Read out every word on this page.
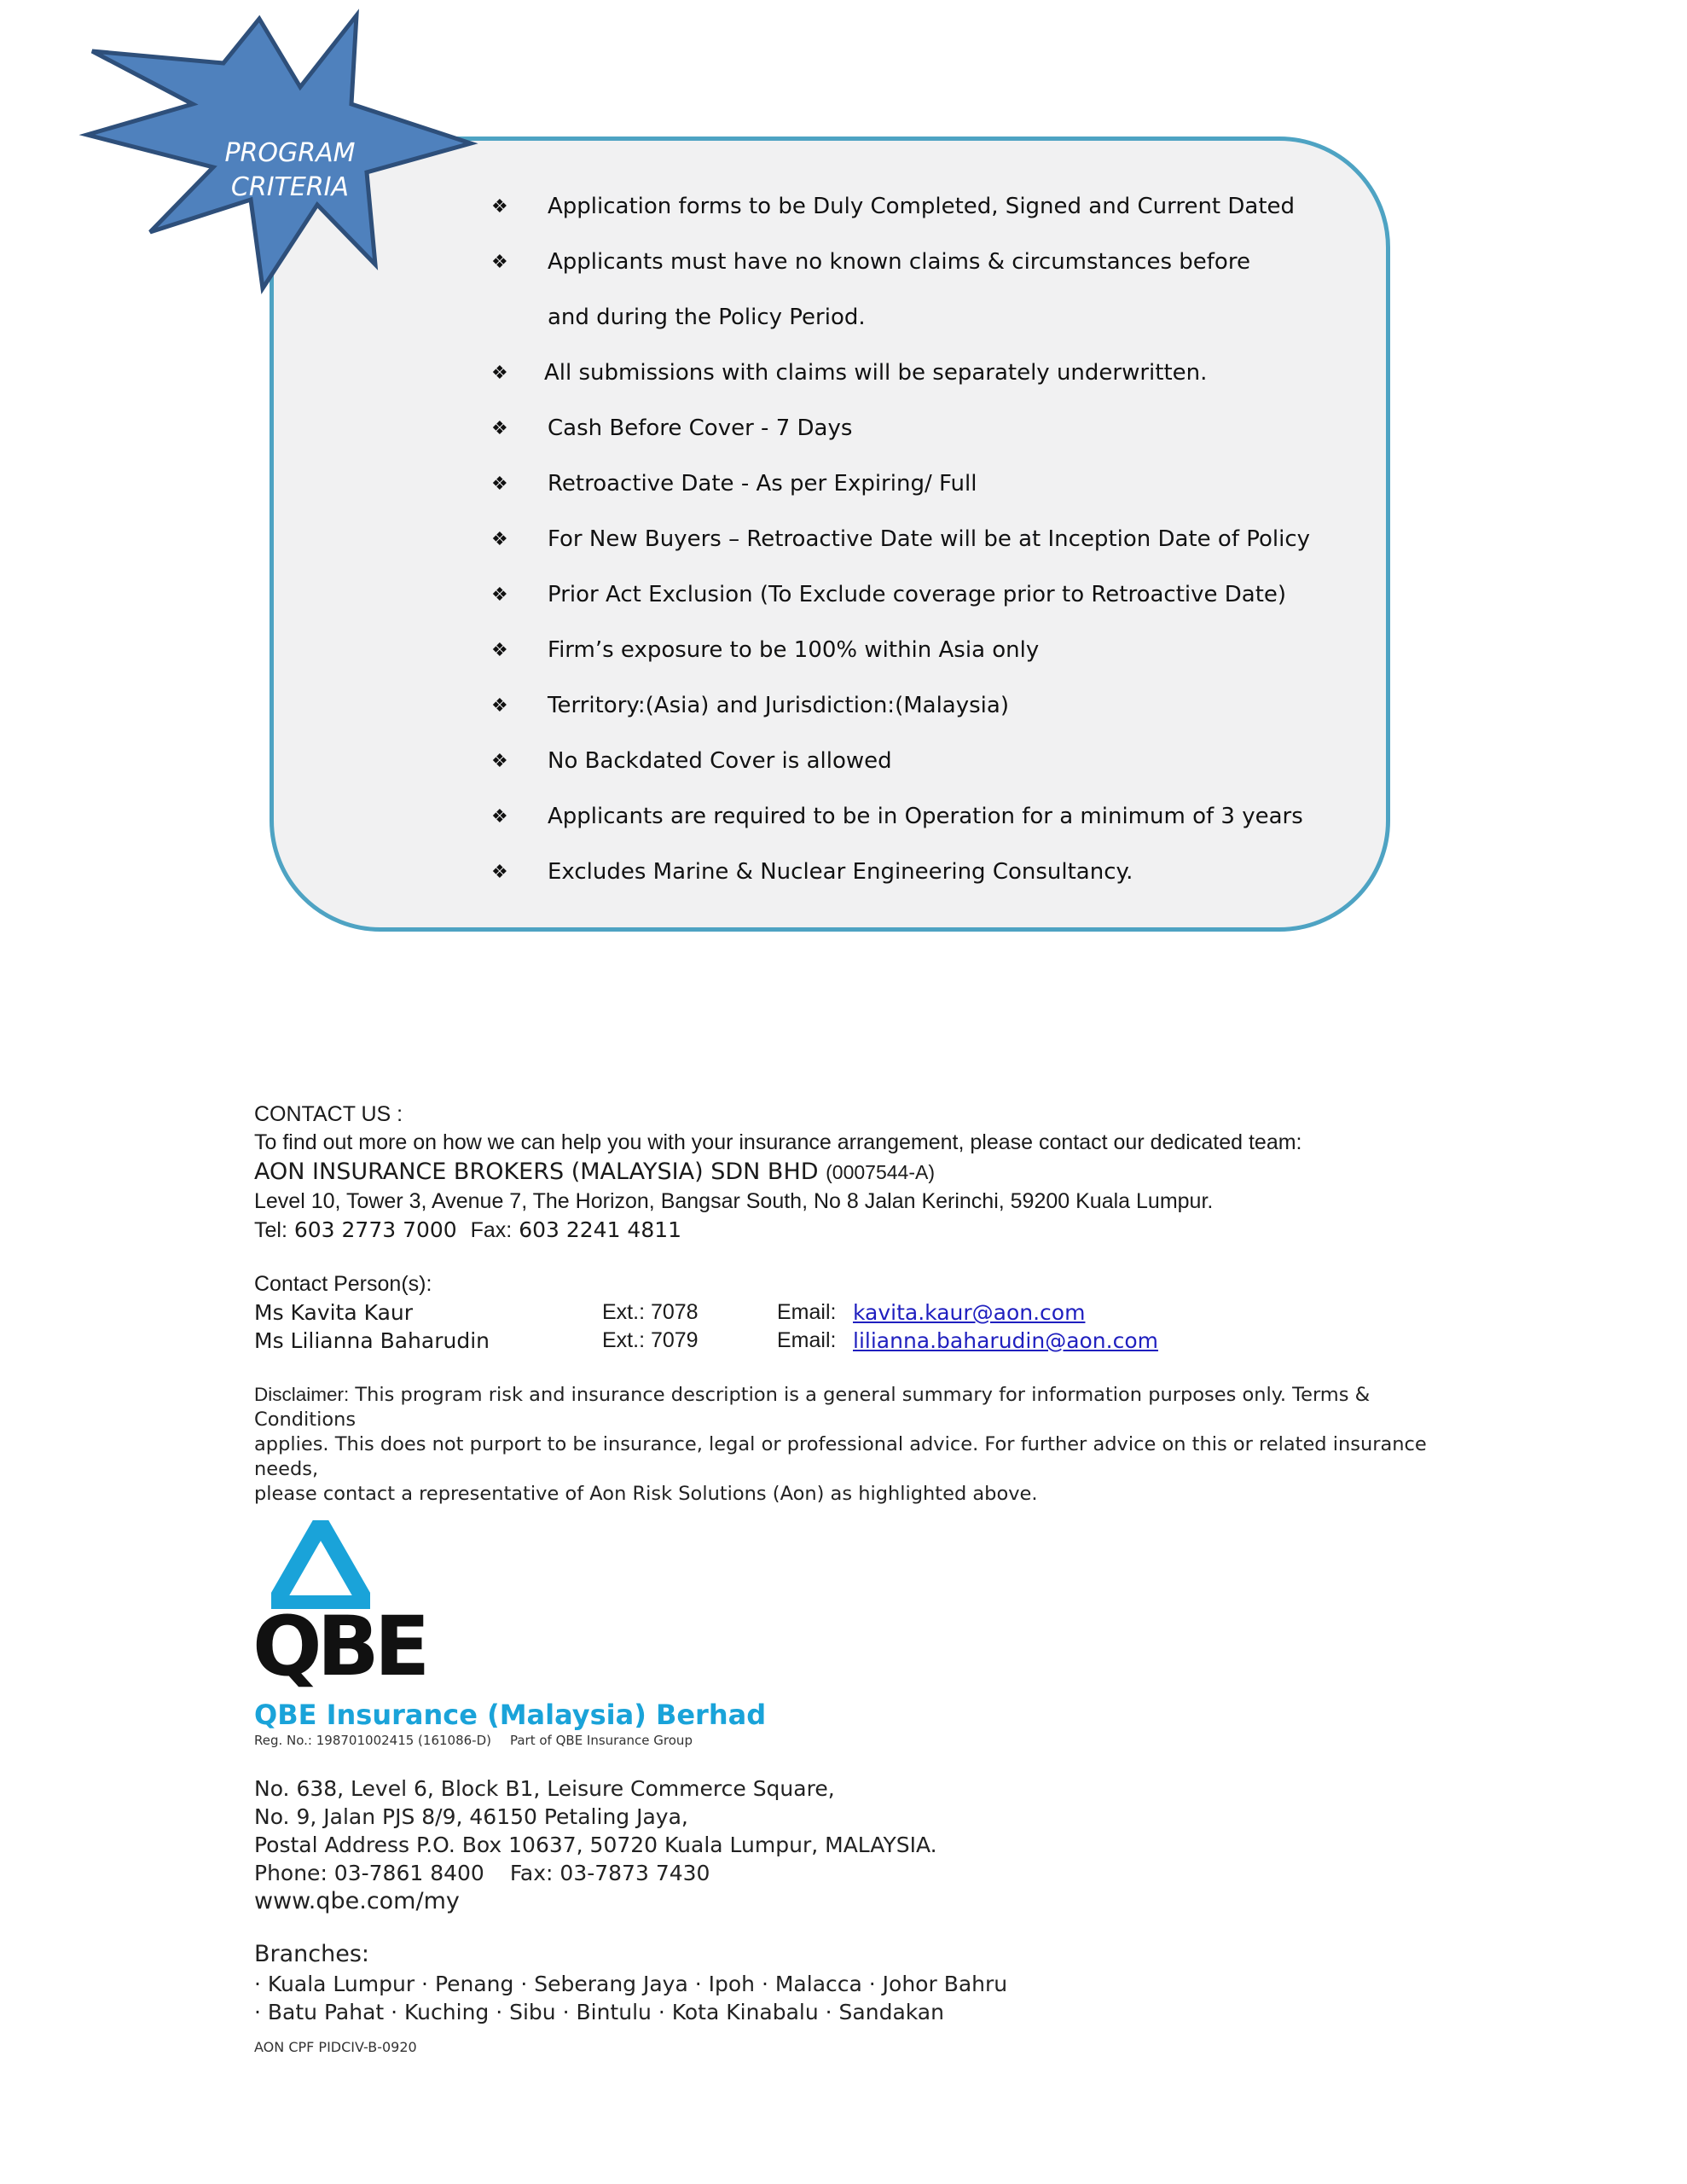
PROGRAM
CRITERIA
❖	Application forms to be Duly Completed, Signed and Current Dated
❖	Applicants must have no known claims & circumstances before
and during the Policy Period.
❖	All submissions with claims will be separately underwritten.
❖	Cash Before Cover - 7 Days
❖	Retroactive Date - As per Expiring/ Full
❖	For New Buyers – Retroactive Date will be at Inception Date of Policy
❖	Prior Act Exclusion (To Exclude coverage prior to Retroactive Date)
❖	Firm’s exposure to be 100% within Asia only
❖	Territory:(Asia) and Jurisdiction:(Malaysia)
❖	No Backdated Cover is allowed
❖	Applicants are required to be in Operation for a minimum of 3 years
❖	Excludes Marine & Nuclear Engineering Consultancy.
CONTACT US :
To find out more on how we can help you with your insurance arrangement, please contact our dedicated team:
AON INSURANCE BROKERS (MALAYSIA) SDN BHD (0007544-A)
Level 10, Tower 3, Avenue 7, The Horizon, Bangsar South, No 8 Jalan Kerinchi, 59200 Kuala Lumpur.
Tel: 603 2773 7000 Fax: 603 2241 4811
Contact Person(s):
Ms Kavita Kaur	Ext.: 7078	Email: kavita.kaur@aon.com
Ms Lilianna Baharudin	Ext.: 7079	Email: lilianna.baharudin@aon.com
Disclaimer: This program risk and insurance description is a general summary for information purposes only. Terms & Conditions
applies. This does not purport to be insurance, legal or professional advice. For further advice on this or related insurance needs,
please contact a representative of Aon Risk Solutions (Aon) as highlighted above.
QBE
QBE Insurance (Malaysia) Berhad
Reg. No.: 198701002415 (161086-D) Part of QBE Insurance Group
No. 638, Level 6, Block B1, Leisure Commerce Square,
No. 9, Jalan PJS 8/9, 46150 Petaling Jaya,
Postal Address P.O. Box 10637, 50720 Kuala Lumpur, MALAYSIA.
Phone: 03-7861 8400 Fax: 03-7873 7430
www.qbe.com/my
Branches:
· Kuala Lumpur · Penang · Seberang Jaya · Ipoh · Malacca · Johor Bahru
· Batu Pahat · Kuching · Sibu · Bintulu · Kota Kinabalu · Sandakan
AON CPF PIDCIV-B-0920
